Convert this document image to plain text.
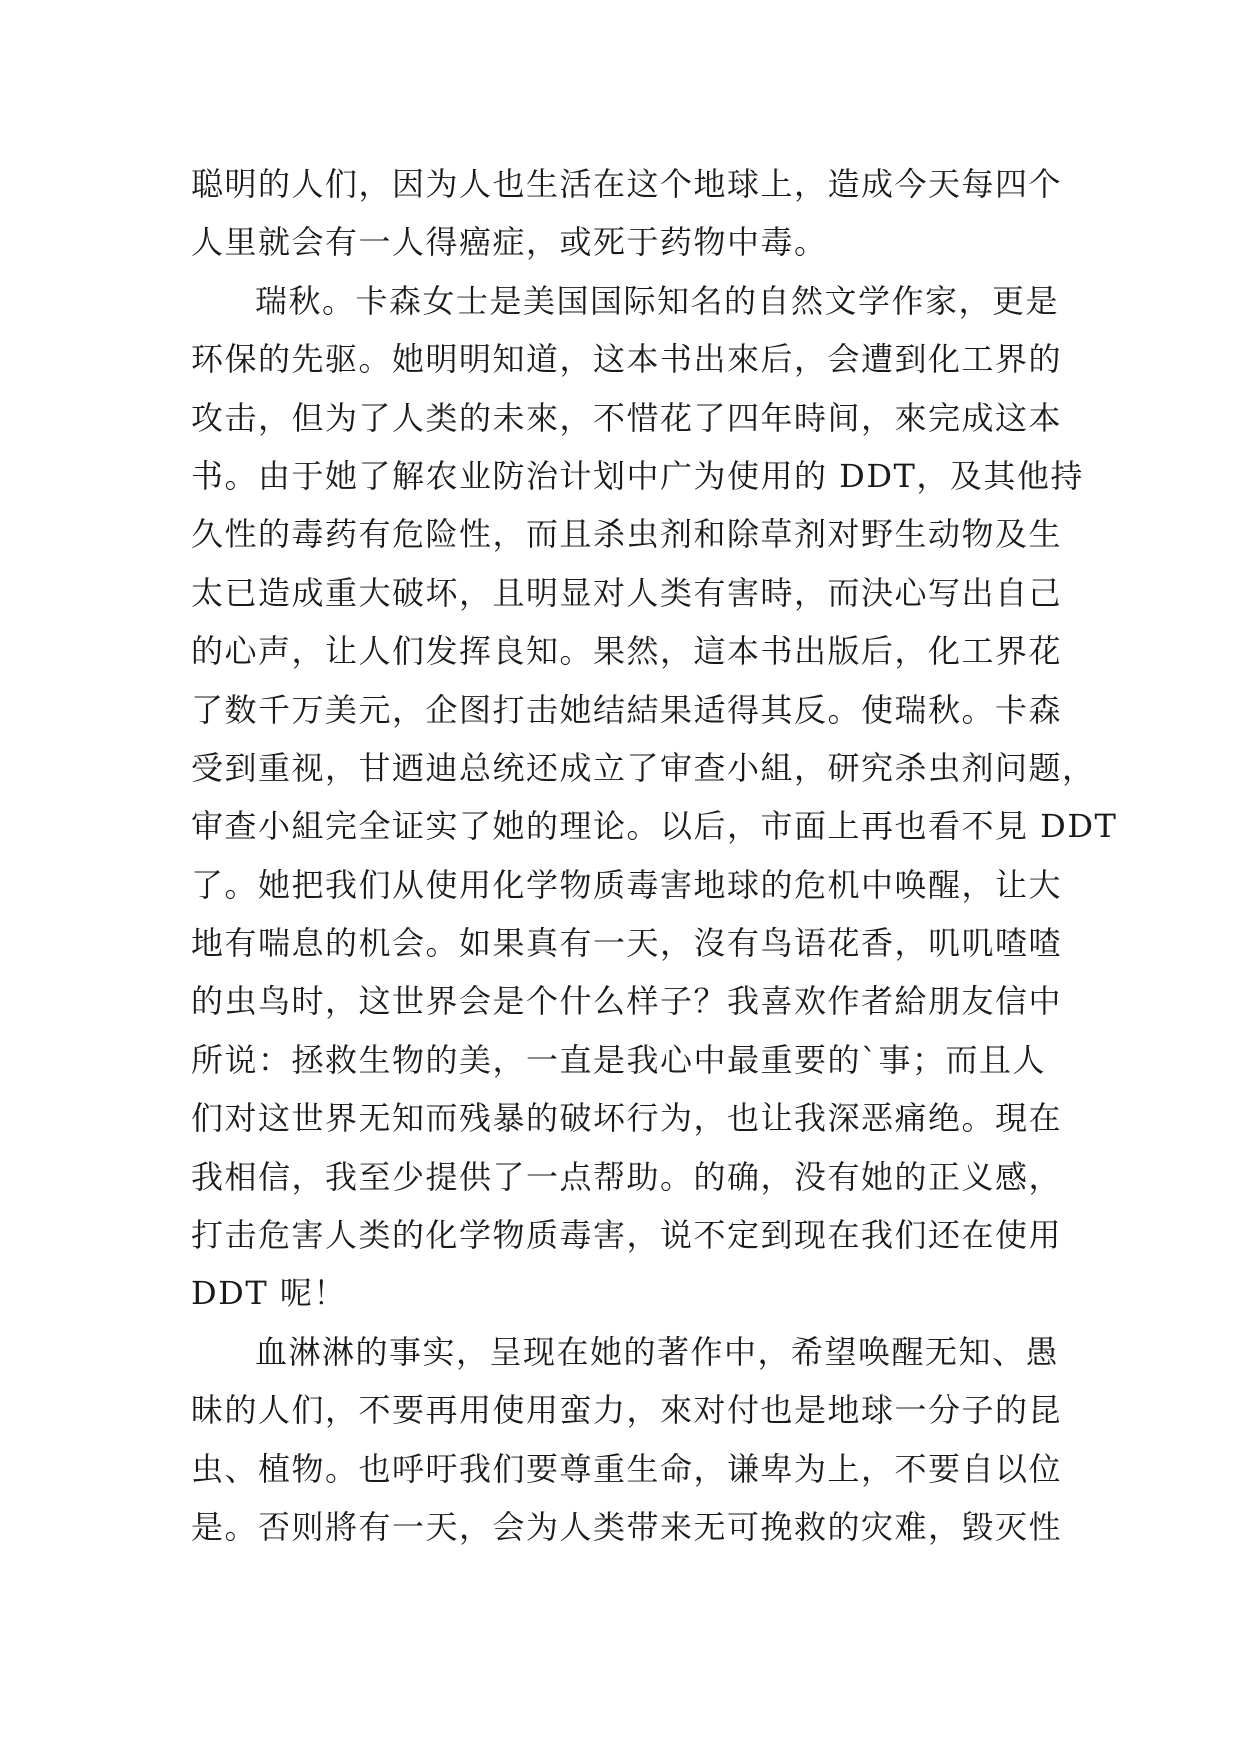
聪明的人们，因为人也生活在这个地球上，造成今天每四个
人里就会有一人得癌症，或死于药物中毒。
瑞秋。卡森女士是美国国际知名的自然文学作家，更是
环保的先驱。她明明知道，这本书出來后，会遭到化工界的
攻击，但为了人类的未來，不惜花了四年時间，來完成这本
书。由于她了解农业防治计划中广为使用的 DDT，及其他持
久性的毒药有危险性，而且杀虫剂和除草剂对野生动物及生
太已造成重大破坏，且明显对人类有害時，而決心写出自己
的心声，让人们发挥良知。果然，這本书出版后，化工界花
了数千万美元，企图打击她结結果适得其反。使瑞秋。卡森
受到重视，甘迺迪总统还成立了审查小組，研究杀虫剂问题，
审查小組完全证实了她的理论。以后，市面上再也看不見 DDT
了。她把我们从使用化学物质毒害地球的危机中唤醒，让大
地有喘息的机会。如果真有一天，沒有鸟语花香，叽叽喳喳
的虫鸟时，这世界会是个什么样子？我喜欢作者給朋友信中
所说：拯救生物的美，一直是我心中最重要的`事；而且人
们对这世界无知而残暴的破坏行为，也让我深恶痛绝。現在
我相信，我至少提供了一点帮助。的确，没有她的正义感，
打击危害人类的化学物质毒害，说不定到现在我们还在使用
DDT 呢！
血淋淋的事实，呈现在她的著作中，希望唤醒无知、愚
昧的人们，不要再用使用蛮力，來对付也是地球一分子的昆
虫、植物。也呼吁我们要尊重生命，谦卑为上，不要自以位
是。否则將有一天，会为人类带来无可挽救的灾难，毀灭性
